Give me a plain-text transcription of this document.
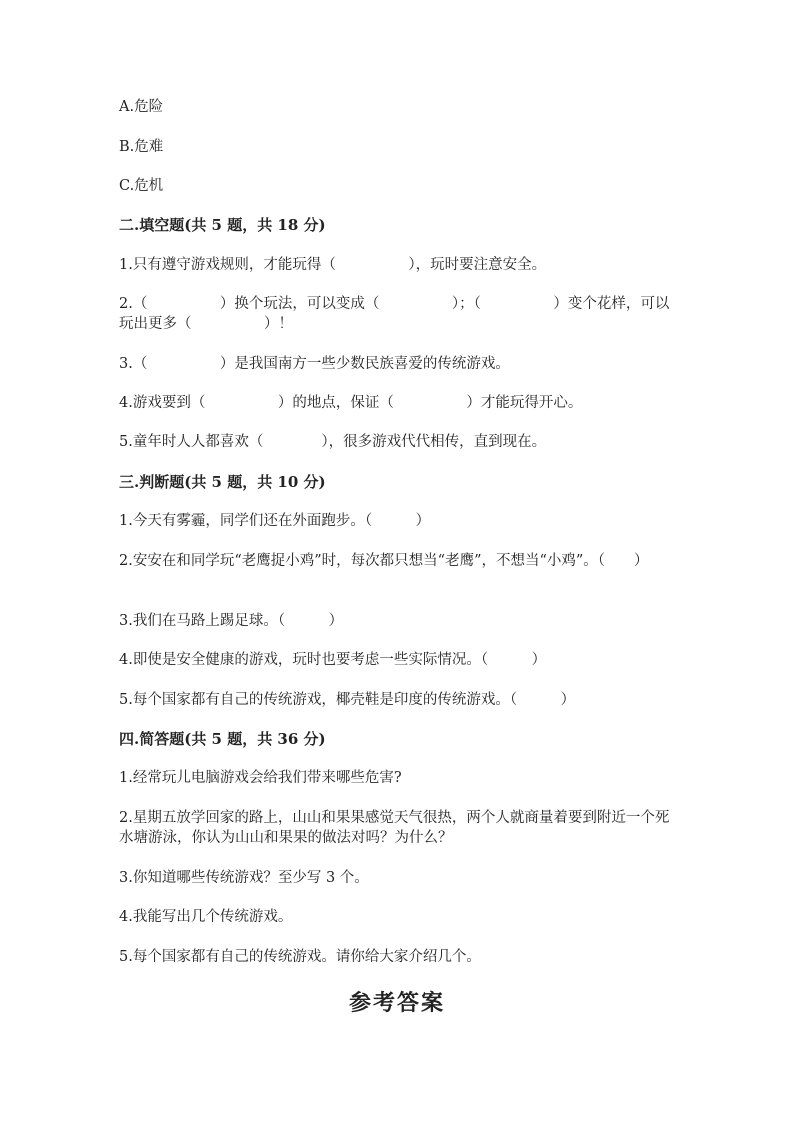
A.危险
B.危难
C.危机
二.填空题(共 5 题，共 18 分)
1.只有遵守游戏规则，才能玩得（　　　　　），玩时要注意安全。
2.（　　　　　）换个玩法，可以变成（　　　　　）；（　　　　　）变个花样，可以玩出更多（　　　　　）！
3.（　　　　　）是我国南方一些少数民族喜爱的传统游戏。
4.游戏要到（　　　　　）的地点，保证（　　　　　）才能玩得开心。
5.童年时人人都喜欢（　　　　），很多游戏代代相传，直到现在。
三.判断题(共 5 题，共 10 分)
1.今天有雾霾，同学们还在外面跑步。（　　　）
2.安安在和同学玩“老鹰捉小鸡”时，每次都只想当“老鹰”，不想当“小鸡”。（　　）
3.我们在马路上踢足球。（　　　）
4.即使是安全健康的游戏，玩时也要考虑一些实际情况。（　　　）
5.每个国家都有自己的传统游戏，椰壳鞋是印度的传统游戏。（　　　）
四.简答题(共 5 题，共 36 分)
1.经常玩儿电脑游戏会给我们带来哪些危害?
2.星期五放学回家的路上，山山和果果感觉天气很热，两个人就商量着要到附近一个死水塘游泳，你认为山山和果果的做法对吗？为什么？
3.你知道哪些传统游戏？至少写 3 个。
4.我能写出几个传统游戏。
5.每个国家都有自己的传统游戏。请你给大家介绍几个。
参考答案
